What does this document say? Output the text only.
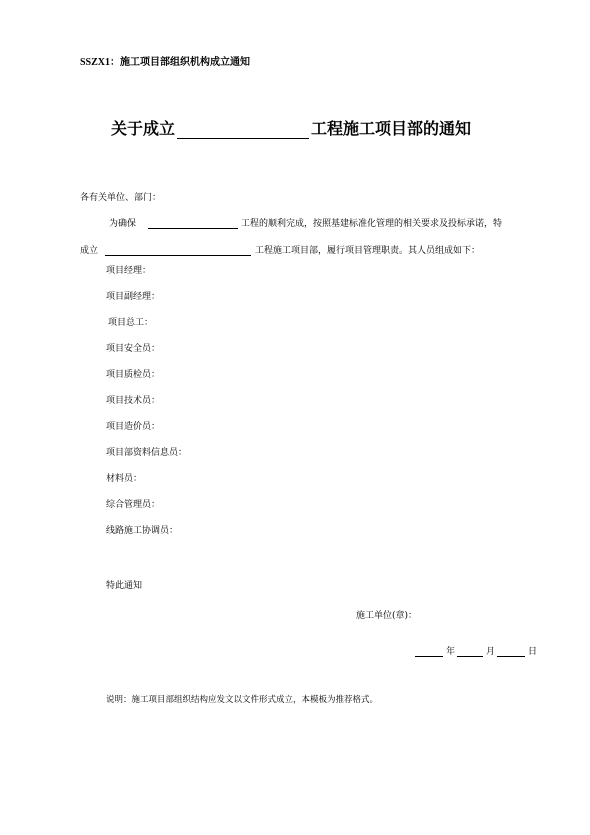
SSZX1：施工项目部组织机构成立通知
关于成立	工程施工项目部的通知
各有关单位、部门：
为确保	工程的顺利完成，按照基建标准化管理的相关要求及投标承诺，特
成立	工程施工项目部，履行项目管理职责。其人员组成如下：
项目经理：
项目副经理：
项目总工：
项目安全员：
项目质检员：
项目技术员：
项目造价员：
项目部资料信息员：
材料员：
综合管理员：
线路施工协调员：
特此通知
施工单位(章)：
年	月	日
说明：施工项目部组织结构应发文以文件形式成立，本模板为推荐格式。
